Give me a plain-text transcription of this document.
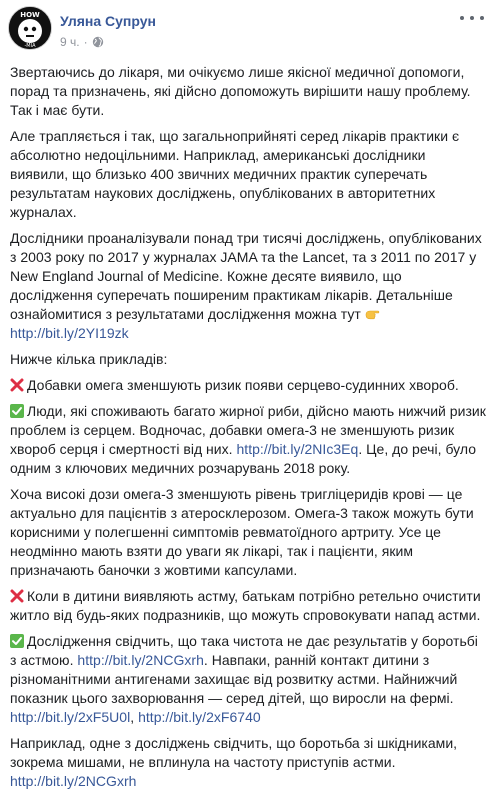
HOW
-MIA
Уляна Супрун
9 ч. ·

Звертаючись до лікаря, ми очікуємо лише якісної медичної допомоги, порад та призначень, які дійсно допоможуть вирішити нашу проблему. Так і має бути.

Але трапляється і так, що загальноприйняті серед лікарів практики є абсолютно недоцільними. Наприклад, американські дослідники виявили, що близько 400 звичних медичних практик суперечать результатам наукових досліджень, опублікованих в авторитетних журналах.

Дослідники проаналізували понад три тисячі досліджень, опублікованих з 2003 року по 2017 у журналах JAMA та the Lancet, та з 2011 по 2017 у New England Journal of Medicine. Кожне десяте виявило, що дослідження суперечать поширеним практикам лікарів. Детальніше ознайомитися з результатами дослідження можна тут

http://bit.ly/2YI19zk

Нижче кілька прикладів:

Добавки омега зменшують ризик появи серцево-судинних хвороб.

Люди, які споживають багато жирної риби, дійсно мають нижчий ризик проблем із серцем. Водночас, добавки омега-3 не зменшують ризик хвороб серця і смертності від них. http://bit.ly/2NIc3Eq. Це, до речі, було одним з ключових медичних розчарувань 2018 року.

Хоча високі дози омега-3 зменшують рівень тригліцеридів крові — це актуально для пацієнтів з атеросклерозом. Омега-3 також можуть бути корисними у полегшенні симптомів ревматоїдного артриту. Усе це неодмінно мають взяти до уваги як лікарі, так і пацієнти, яким призначають баночки з жовтими капсулами.

Коли в дитини виявляють астму, батькам потрібно ретельно очистити житло від будь-яких подразників, що можуть спровокувати напад астми.

Дослідження свідчить, що така чистота не дає результатів у боротьбі з астмою. http://bit.ly/2NCGxrh. Навпаки, ранній контакт дитини з різноманітними антигенами захищає від розвитку астми. Найнижчий показник цього захворювання — серед дітей, що виросли на фермі. http://bit.ly/2xF5U0l, http://bit.ly/2xF6740

Наприклад, одне з досліджень свідчить, що боротьба зі шкідниками, зокрема мишами, не вплинула на частоту приступів астми.
http://bit.ly/2NCGxrh
